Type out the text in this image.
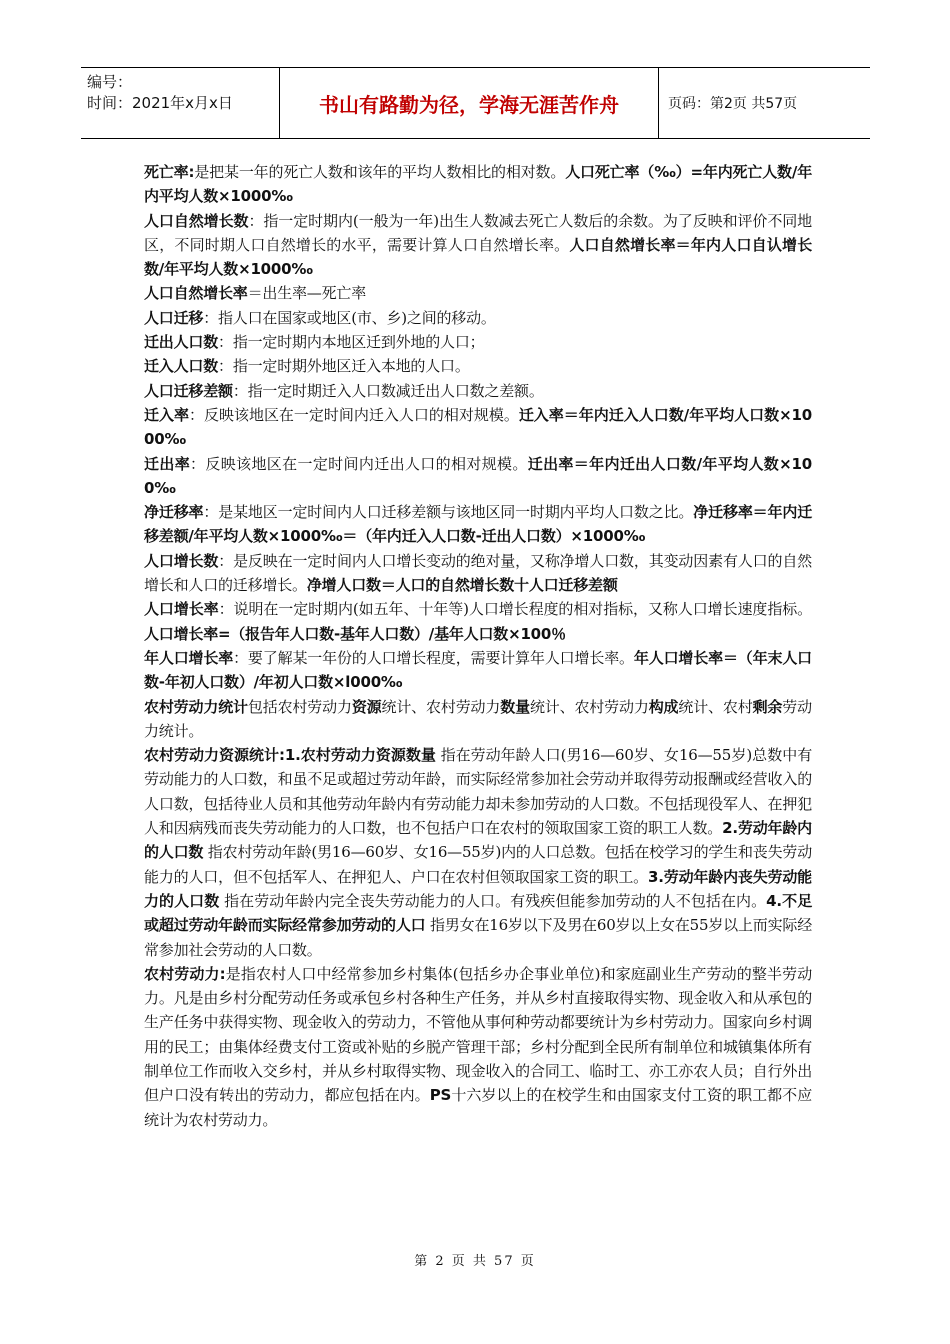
编号：
时间：2021年x月x日	书山有路勤为径，学海无涯苦作舟	页码：第2页 共57页

死亡率:是把某一年的死亡人数和该年的平均人数相比的相对数。人口死亡率（‰）=年内死亡人数/年内平均人数×1000‰

人口自然增长数：指一定时期内(一般为一年)出生人数减去死亡人数后的余数。为了反映和评价不同地区，不同时期人口自然增长的水平，需要计算人口自然增长率。人口自然增长率＝年内人口自认增长数/年平均人数×1000‰

人口自然增长率＝出生率—死亡率

人口迁移：指人口在国家或地区(市、乡)之间的移动。

迁出人口数：指一定时期内本地区迁到外地的人口；

迁入人口数：指一定时期外地区迁入本地的人口。

人口迁移差额：指一定时期迁入人口数减迁出人口数之差额。

迁入率：反映该地区在一定时间内迁入人口的相对规模。迁入率＝年内迁入人口数/年平均人口数×1000‰

迁出率：反映该地区在一定时间内迁出人口的相对规模。迁出率＝年内迁出人口数/年平均人数×100‰

净迁移率：是某地区一定时间内人口迁移差额与该地区同一时期内平均人口数之比。净迁移率＝年内迁移差额/年平均人数×1000‰＝（年内迁入人口数-迁出人口数）×1000‰

人口增长数：是反映在一定时间内人口增长变动的绝对量，又称净增人口数，其变动因素有人口的自然增长和人口的迁移增长。净增人口数＝人口的自然增长数十人口迁移差额

人口增长率：说明在一定时期内(如五年、十年等)人口增长程度的相对指标，又称人口增长速度指标。人口增长率=（报告年人口数-基年人口数）/基年人口数×100％

年人口增长率：要了解某一年份的人口增长程度，需要计算年人口增长率。年人口增长率＝（年末人口数-年初人口数）/年初人口数×l000‰

农村劳动力统计包括农村劳动力资源统计、农村劳动力数量统计、农村劳动力构成统计、农村剩余劳动力统计。

农村劳动力资源统计:1.农村劳动力资源数量 指在劳动年龄人口(男16—60岁、女16—55岁)总数中有劳动能力的人口数，和虽不足或超过劳动年龄，而实际经常参加社会劳动并取得劳动报酬或经营收入的人口数，包括待业人员和其他劳动年龄内有劳动能力却未参加劳动的人口数。不包括现役军人、在押犯人和因病残而丧失劳动能力的人口数，也不包括户口在农村的领取国家工资的职工人数。2.劳动年龄内的人口数 指农村劳动年龄(男16—60岁、女16—55岁)内的人口总数。包括在校学习的学生和丧失劳动能力的人口，但不包括军人、在押犯人、户口在农村但领取国家工资的职工。3.劳动年龄内丧失劳动能力的人口数 指在劳动年龄内完全丧失劳动能力的人口。有残疾但能参加劳动的人不包括在内。4.不足或超过劳动年龄而实际经常参加劳动的人口 指男女在16岁以下及男在60岁以上女在55岁以上而实际经常参加社会劳动的人口数。

农村劳动力:是指农村人口中经常参加乡村集体(包括乡办企事业单位)和家庭副业生产劳动的整半劳动力。凡是由乡村分配劳动任务或承包乡村各种生产任务，并从乡村直接取得实物、现金收入和从承包的生产任务中获得实物、现金收入的劳动力，不管他从事何种劳动都要统计为乡村劳动力。国家向乡村调用的民工；由集体经费支付工资或补贴的乡脱产管理干部；乡村分配到全民所有制单位和城镇集体所有制单位工作而收入交乡村，并从乡村取得实物、现金收入的合同工、临时工、亦工亦农人员；自行外出但户口没有转出的劳动力，都应包括在内。PS十六岁以上的在校学生和由国家支付工资的职工都不应统计为农村劳动力。

第 2 页 共 57 页
